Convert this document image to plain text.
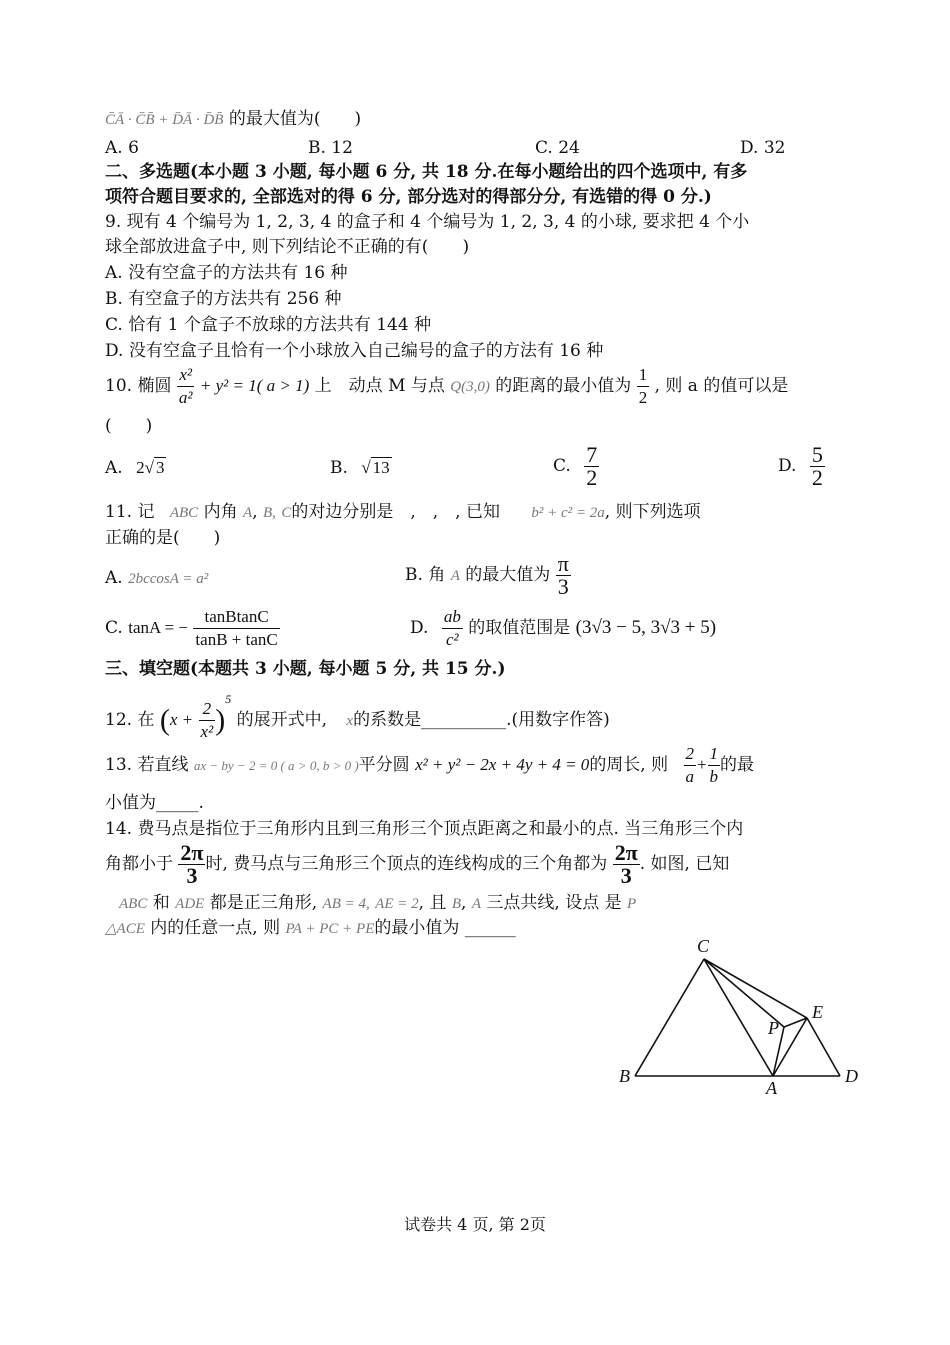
C̄Ā · C̄B̄ + D̄Ā · D̄B̄ 的最大值为(　　)
A. 6	B. 12	C. 24	D. 32
二、多选题(本小题 3 小题, 每小题 6 分, 共 18 分.在每小题给出的四个选项中, 有多
项符合题目要求的, 全部选对的得 6 分, 部分选对的得部分分, 有选错的得 0 分.)
9. 现有 4 个编号为 1, 2, 3, 4 的盒子和 4 个编号为 1, 2, 3, 4 的小球, 要求把 4 个小
球全部放进盒子中, 则下列结论不正确的有(　　)
A. 没有空盒子的方法共有 16 种
B. 有空盒子的方法共有 256 种
C. 恰有 1 个盒子不放球的方法共有 144 种
D. 没有空盒子且恰有一个小球放入自己编号的盒子的方法有 16 种
10. 椭圆 $\frac{\text{x²}}{\text{a²}} + y^2 = 1$( a > 1) 上　动点 M 与点 Q(3,0) 的距离的最小值为 $\frac{1}{2}$ , 则 a 的值可以是
(　　)
A. 2√ 3	B. √ 13	C. $\frac{7}{2}$	D. $\frac{5}{2}$
11. 记 ABC 内角 A, B, C的对边分别是　,　,　, 已知 b² + c² = 2a, 则下列选项
正确的是(　　)
A. 2bccosA = a²	B. 角 A 的最大值为 $\frac{\pi}{3}$
C. tanA = − $\frac{\text{tanBtanC}}{\tan B + \tan C}$	D. $\frac{ab}{\text{c²}}$ 的取值范围是 (3√3 − 5, 3√3 + 5)
三、填空题(本题共 3 小题, 每小题 5 分, 共 15 分.)
12. 在 $(x + \frac{2}{\text{x²}} )^5$ 的展开式中, x的系数是__________.(用数字作答)
13. 若直线 ax − by − 2 = 0 ( a > 0, b > 0 )平分圆 x² + y² − 2x + 4y + 4 = 0的周长, 则 $\frac{2}{a} + \frac{1}{b}$ 的最
小值为_____.
14. 费马点是指位于三角形内且到三角形三个顶点距离之和最小的点. 当三角形三个内
角都小于 $\frac{2\pi}{3}$ 时, 费马点与三角形三个顶点的连线构成的三个角都为 $\frac{2\pi}{3}$ . 如图, 已知
ABC 和 ADE 都是正三角形, AB = 4, AE = 2, 且 B, A 三点共线, 设点 是 P
△ACE 内的任意一点, 则 PA + PC + PE的最小值为 ______
C
E
P
B
A
D
试卷共 4 页, 第 2页
